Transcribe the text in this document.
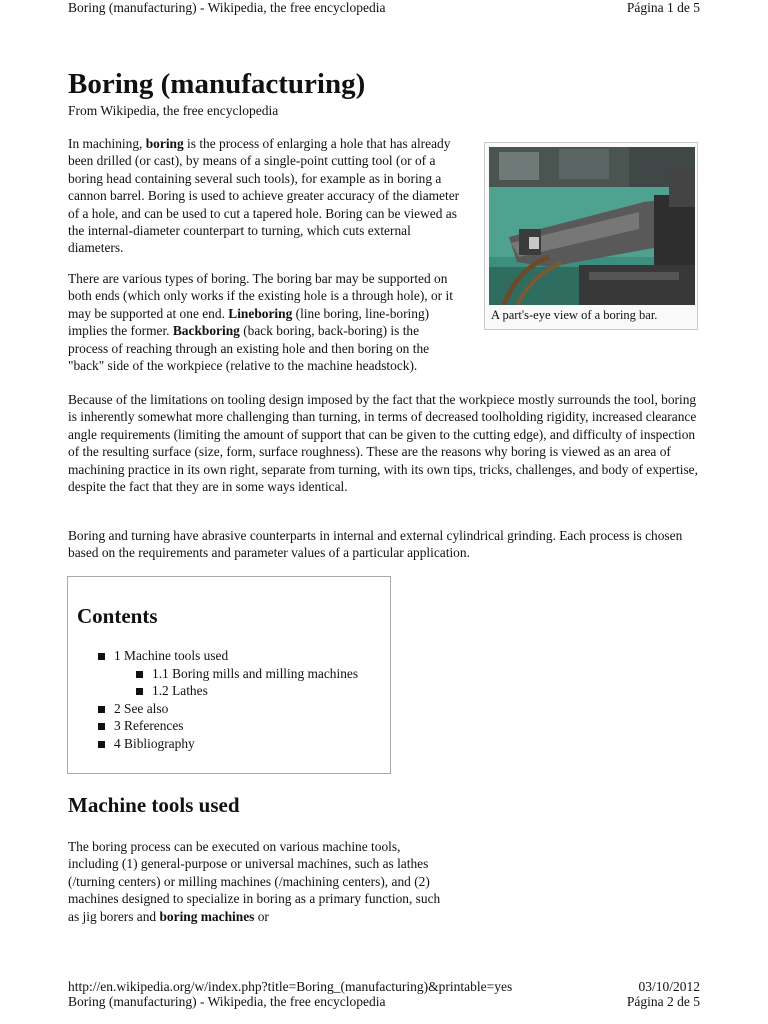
Boring (manufacturing) - Wikipedia, the free encyclopedia	Página 1 de 5
Boring (manufacturing)
From Wikipedia, the free encyclopedia

In machining, boring is the process of enlarging a hole that has already been drilled (or cast), by means of a single-point cutting tool (or of a boring head containing several such tools), for example as in boring a cannon barrel. Boring is used to achieve greater accuracy of the diameter of a hole, and can be used to cut a tapered hole. Boring can be viewed as the internal-diameter counterpart to turning, which cuts external diameters.

A part's-eye view of a boring bar.

There are various types of boring. The boring bar may be supported on both ends (which only works if the existing hole is a through hole), or it may be supported at one end. Lineboring (line boring, line-boring) implies the former. Backboring (back boring, back-boring) is the process of reaching through an existing hole and then boring on the "back" side of the workpiece (relative to the machine headstock).

Because of the limitations on tooling design imposed by the fact that the workpiece mostly surrounds the tool, boring is inherently somewhat more challenging than turning, in terms of decreased toolholding rigidity, increased clearance angle requirements (limiting the amount of support that can be given to the cutting edge), and difficulty of inspection of the resulting surface (size, form, surface roughness). These are the reasons why boring is viewed as an area of machining practice in its own right, separate from turning, with its own tips, tricks, challenges, and body of expertise, despite the fact that they are in some ways identical.

Boring and turning have abrasive counterparts in internal and external cylindrical grinding. Each process is chosen based on the requirements and parameter values of a particular application.

Contents
1 Machine tools used
1.1 Boring mills and milling machines
1.2 Lathes
2 See also
3 References
4 Bibliography
Machine tools used

The boring process can be executed on various machine tools, including (1) general-purpose or universal machines, such as lathes (/turning centers) or milling machines (/machining centers), and (2) machines designed to specialize in boring as a primary function, such as jig borers and boring machines or

http://en.wikipedia.org/w/index.php?title=Boring_(manufacturing)&printable=yes	03/10/2012
Boring (manufacturing) - Wikipedia, the free encyclopedia	Página 2 de 5
